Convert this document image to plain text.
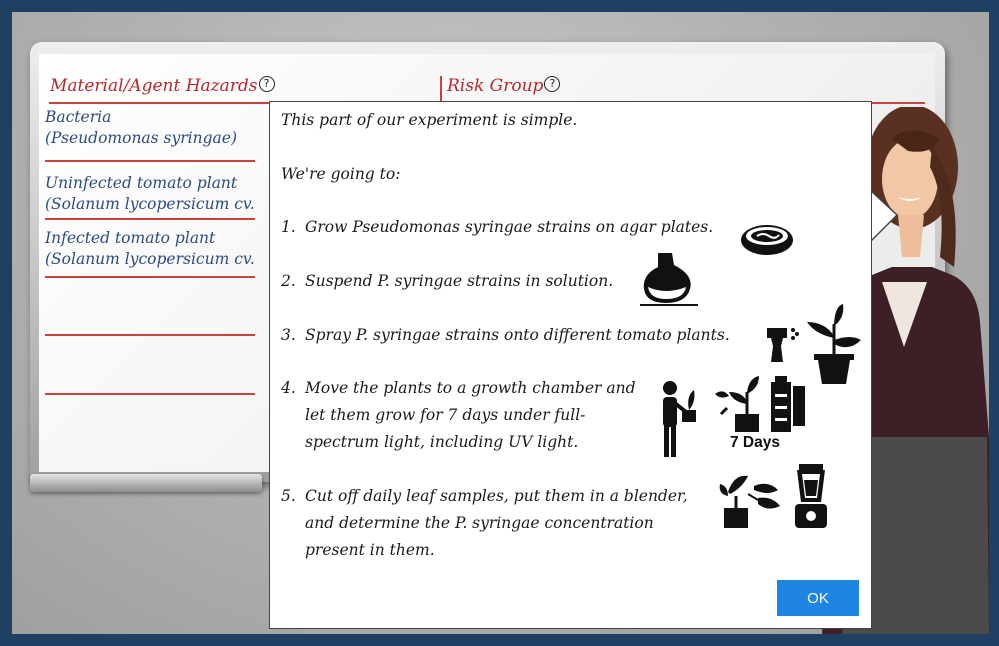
Material/Agent Hazards ?	Risk Group ?
Bacteria
(Pseudomonas syringae)
Uninfected tomato plant
(Solanum lycopersicum cv.
Infected tomato plant
(Solanum lycopersicum cv.
This part of our experiment is simple.
We're going to:
1. Grow Pseudomonas syringae strains on agar plates.
2. Suspend P. syringae strains in solution.
3. Spray P. syringae strains onto different tomato plants.
4. Move the plants to a growth chamber and
let them grow for 7 days under full-
spectrum light, including UV light.	7 Days
5. Cut off daily leaf samples, put them in a blender,
and determine the P. syringae concentration
present in them.
OK
